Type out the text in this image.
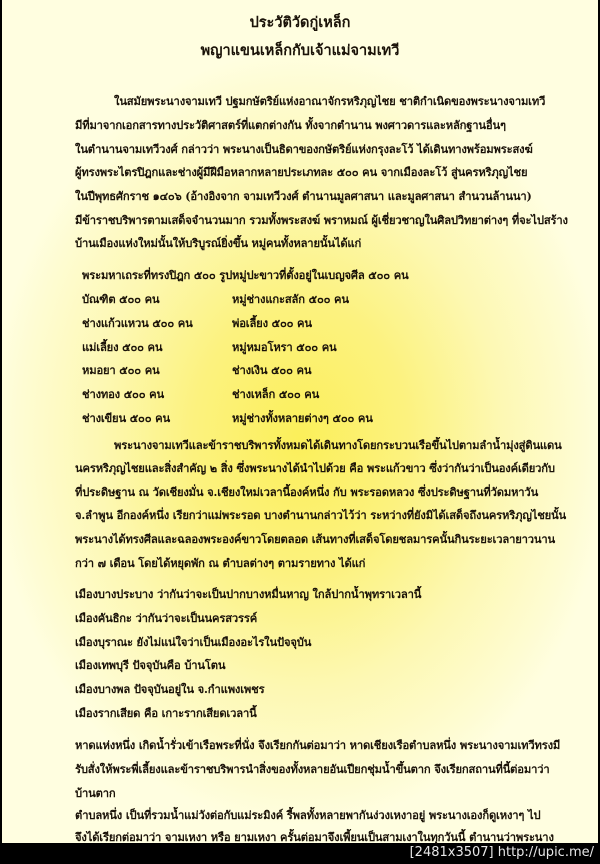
ประวัติวัดกู่เหล็ก
พญาแขนเหล็กกับเจ้าแม่จามเทวี
ในสมัยพระนางจามเทวี ปฐมกษัตริย์แห่งอาณาจักรหริภุญไชย ชาติกำเนิดของพระนางจามเทวี
มีที่มาจากเอกสารทางประวัติศาสตร์ที่แตกต่างกัน ทั้งจากตำนาน พงศาวดารและหลักฐานอื่นๆ
ในตำนานจามเทวีวงศ์ กล่าวว่า พระนางเป็นธิดาของกษัตริย์แห่งกรุงละโว้ ได้เดินทางพร้อมพระสงฆ์
ผู้ทรงพระไตรปิฎกและช่างผู้มีฝีมือหลากหลายประเภทละ ๕๐๐ คน จากเมืองละโว้ สู่นครหริภุญไชย
ในปีพุทธศักราช ๑๔๐๖ (อ้างอิงจาก จามเทวีวงศ์ ตำนานมูลศาสนา และมูลศาสนา สำนวนล้านนา)
มีข้าราชบริพารตามเสด็จจำนวนมาก รวมทั้งพระสงฆ์ พราหมณ์ ผู้เชี่ยวชาญในศิลปวิทยาต่างๆ ที่จะไปสร้าง
บ้านเมืองแห่งใหม่นั้นให้บริบูรณ์ยิ่งขึ้น หมู่คนทั้งหลายนั้นได้แก่
พระมหาเถระที่ทรงปิฎก ๕๐๐ รูป หมู่ปะขาวที่ตั้งอยู่ในเบญจศีล ๕๐๐ คน
บัณฑิต ๕๐๐ คน	หมู่ช่างแกะสลัก ๕๐๐ คน
ช่างแก้วแหวน ๕๐๐ คน	พ่อเลี้ยง ๕๐๐ คน
แม่เลี้ยง ๕๐๐ คน	หมู่หมอโหรา ๕๐๐ คน
หมอยา ๕๐๐ คน	ช่างเงิน ๕๐๐ คน
ช่างทอง ๕๐๐ คน	ช่างเหล็ก ๕๐๐ คน
ช่างเขียน ๕๐๐ คน	หมู่ช่างทั้งหลายต่างๆ ๕๐๐ คน
พระนางจามเทวีและข้าราชบริพารทั้งหมดได้เดินทางโดยกระบวนเรือขึ้นไปตามลำน้ำมุ่งสู่ดินแดน
นครหริภุญไชยและสิ่งสำคัญ ๒ สิ่ง ซึ่งพระนางได้นำไปด้วย คือ พระแก้วขาว ซึ่งว่ากันว่าเป็นองค์เดียวกับ
ที่ประดิษฐาน ณ วัดเชียงมั่น จ.เชียงใหม่เวลานี้องค์หนึ่ง กับ พระรอดหลวง ซึ่งประดิษฐานที่วัดมหาวัน
จ.ลำพูน อีกองค์หนึ่ง เรียกว่าแม่พระรอด บางตำนานกล่าวไว้ว่า ระหว่างที่ยังมิได้เสด็จถึงนครหริภุญไชยนั้น
พระนางได้ทรงศีลและฉลองพระองค์ขาวโดยตลอด เส้นทางที่เสด็จโดยชลมารคนั้นกินระยะเวลายาวนาน
กว่า ๗ เดือน โดยได้หยุดพัก ณ ตำบลต่างๆ ตามรายทาง ได้แก่
เมืองบางประบาง ว่ากันว่าจะเป็นปากบางหมื่นหาญ ใกล้ปากน้ำพุทราเวลานี้
เมืองคันธิกะ ว่ากันว่าจะเป็นนครสวรรค์
เมืองบุราณะ ยังไม่แน่ใจว่าเป็นเมืองอะไรในปัจจุบัน
เมืองเทพบุรี ปัจจุบันคือ บ้านโตน
เมืองบางพล ปัจจุบันอยู่ใน จ.กำแพงเพชร
เมืองรากเสียด คือ เกาะรากเสียดเวลานี้
หาดแห่งหนึ่ง เกิดน้ำรั่วเข้าเรือพระที่นั่ง จึงเรียกกันต่อมาว่า หาดเชียงเรือตำบลหนึ่ง พระนางจามเทวีทรงมี
รับสั่งให้พระพี่เลี้ยงและข้าราชบริพารนำสิ่งของทั้งหลายอันเปียกชุ่มน้ำขึ้นตาก จึงเรียกสถานที่นี้ต่อมาว่า
บ้านตาก
ตำบลหนึ่ง เป็นที่รวมน้ำแม่วังต่อกับแม่ระมิงค์ รี้พลทั้งหลายพากันง่วงเหงาอยู่ พระนางเองก็ดูเหงาๆ ไป
จึงได้เรียกต่อมาว่า จามเหงา หรือ ยามเหงา ครั้นต่อมาจึงเพี้ยนเป็นสามเงาในทุกวันนี้ ตำนานว่าพระนาง
[2481x3507] http://upic.me/
